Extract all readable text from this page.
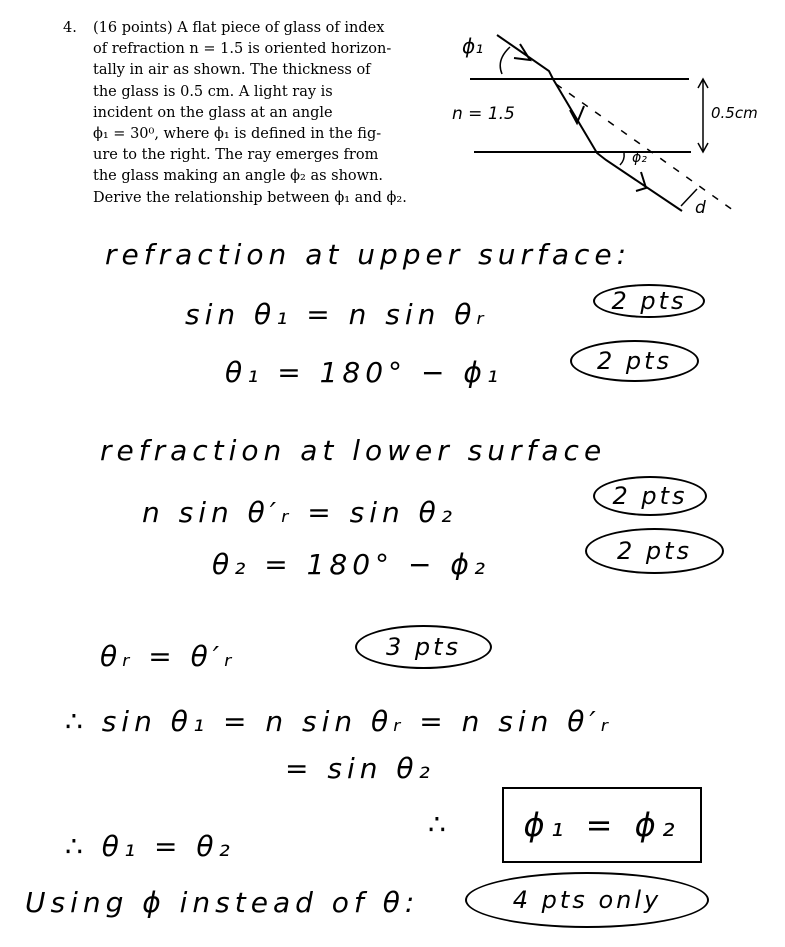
4. (16 points) A flat piece of glass of index
of refraction n = 1.5 is oriented horizon-
tally in air as shown. The thickness of
the glass is 0.5 cm. A light ray is
incident on the glass at an angle
ϕ₁ = 30⁰, where ϕ₁ is defined in the fig-
ure to the right. The ray emerges from
the glass making an angle ϕ₂ as shown.
Derive the relationship between ϕ₁ and ϕ₂.
ϕ₁
n = 1.5	0.5cm
ϕ₂
d
refraction at upper surface:
sin θ₁ = n sin θᵣ	2 pts
θ₁ = 180° − ϕ₁	2 pts
refraction at lower surface
n sin θ′ᵣ = sin θ₂	2 pts
θ₂ = 180° − ϕ₂	2 pts
θᵣ = θ′ᵣ	3 pts
∴ sin θ₁ = n sin θᵣ = n sin θ′ᵣ
= sin θ₂
∴ θ₁ = θ₂
∴	ϕ₁ = ϕ₂
Using ϕ instead of θ:	4 pts only
